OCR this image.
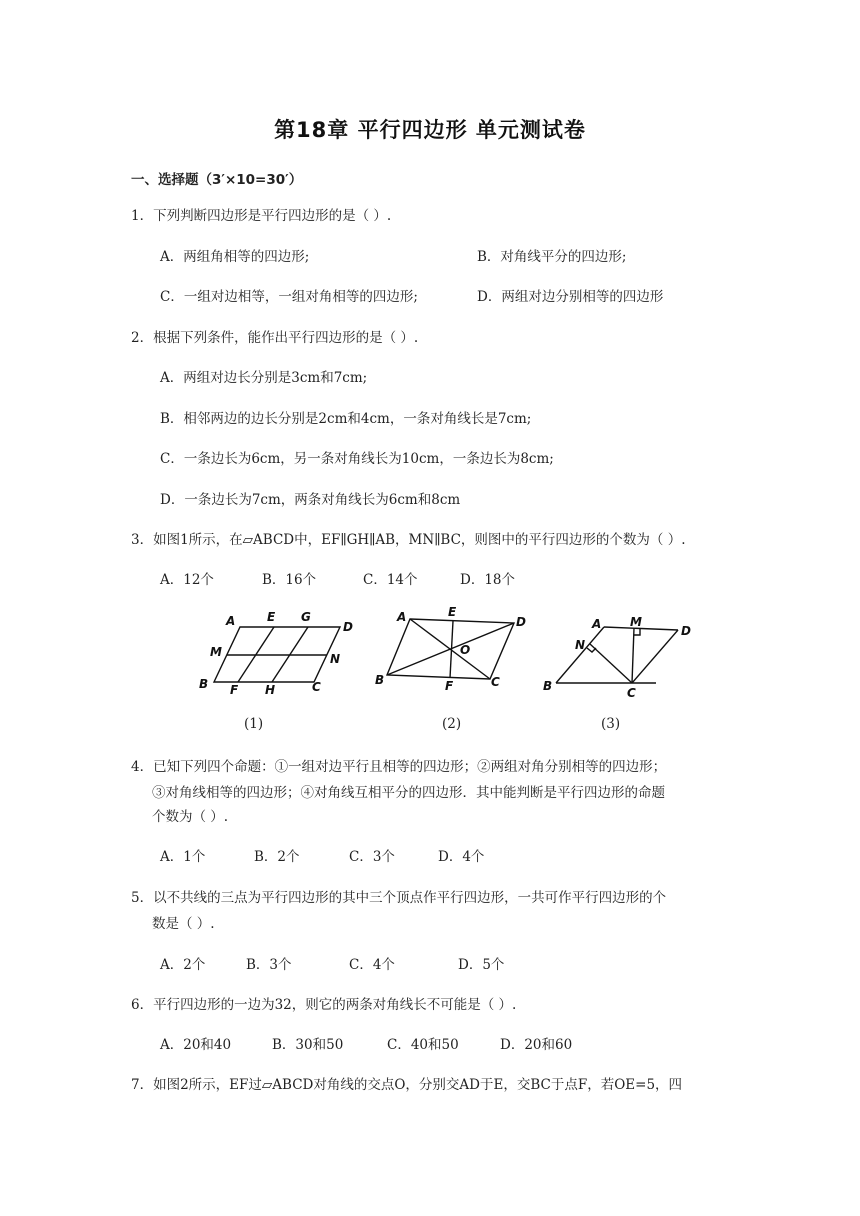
第18章 平行四边形 单元测试卷
一、选择题（3′×10=30′）
1．下列判断四边形是平行四边形的是（ ）.
A．两组角相等的四边形;	B．对角线平分的四边形;
C．一组对边相等，一组对角相等的四边形;	D．两组对边分别相等的四边形
2．根据下列条件，能作出平行四边形的是（ ）.
A．两组对边长分别是3cm和7cm;
B．相邻两边的边长分别是2cm和4cm，一条对角线长是7cm;
C．一条边长为6cm，另一条对角线长为10cm，一条边长为8cm;
D．一条边长为7cm，两条对角线长为6cm和8cm
3．如图1所示，在▱ABCD中，EF∥GH∥AB，MN∥BC，则图中的平行四边形的个数为（ ）.
A．12个	B．16个	C．14个	D．18个
A	E G
D
M	N
B F H	C
(1)
A	E
D
O
B	F	C
(2)
A M
D
N
B	C
(3)
4．已知下列四个命题：①一组对边平行且相等的四边形；②两组对角分别相等的四边形；
③对角线相等的四边形；④对角线互相平分的四边形．其中能判断是平行四边形的命题
个数为（ ）.
A．1个	B．2个	C．3个	D．4个
5．以不共线的三点为平行四边形的其中三个顶点作平行四边形，一共可作平行四边形的个
数是（ ）.
A．2个	B．3个	C．4个	D．5个
6．平行四边形的一边为32，则它的两条对角线长不可能是（ ）.
A．20和40	B．30和50	C．40和50	D．20和60
7．如图2所示，EF过▱ABCD对角线的交点O，分别交AD于E，交BC于点F，若OE=5，四
